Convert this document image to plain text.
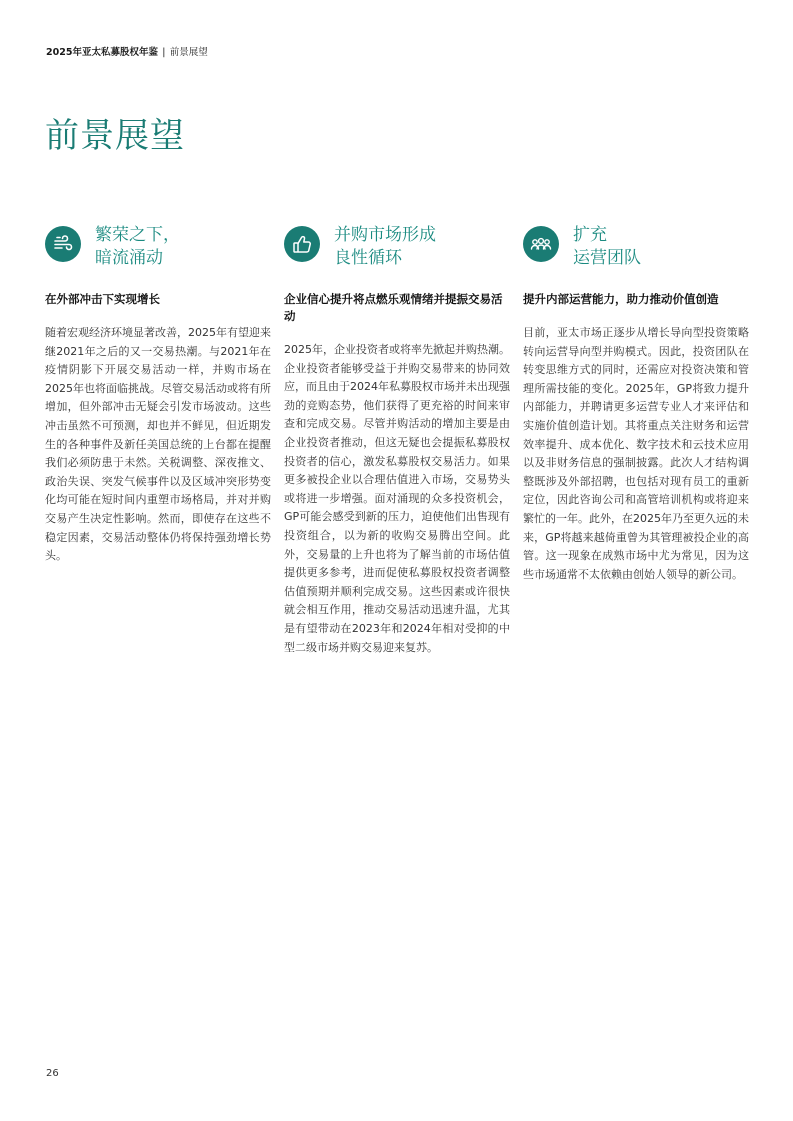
2025年亚太私募股权年鉴 | 前景展望
前景展望
繁荣之下，
暗流涌动
在外部冲击下实现增长
随着宏观经济环境显著改善，2025年有望迎来继2021年之后的又一交易热潮。与2021年在疫情阴影下开展交易活动一样，并购市场在2025年也将面临挑战。尽管交易活动或将有所增加，但外部冲击无疑会引发市场波动。这些冲击虽然不可预测，却也并不鲜见，但近期发生的各种事件及新任美国总统的上台都在提醒我们必须防患于未然。关税调整、深夜推文、政治失误、突发气候事件以及区域冲突形势变化均可能在短时间内重塑市场格局，并对并购交易产生决定性影响。然而，即使存在这些不稳定因素，交易活动整体仍将保持强劲增长势头。
并购市场形成
良性循环
企业信心提升将点燃乐观情绪并提振交易活动
2025年，企业投资者或将率先掀起并购热潮。企业投资者能够受益于并购交易带来的协同效应，而且由于2024年私募股权市场并未出现强劲的竞购态势，他们获得了更充裕的时间来审查和完成交易。尽管并购活动的增加主要是由企业投资者推动，但这无疑也会提振私募股权投资者的信心，激发私募股权交易活力。如果更多被投企业以合理估值进入市场，交易势头或将进一步增强。面对涌现的众多投资机会，GP可能会感受到新的压力，迫使他们出售现有投资组合，以为新的收购交易腾出空间。此外，交易量的上升也将为了解当前的市场估值提供更多参考，进而促使私募股权投资者调整估值预期并顺利完成交易。这些因素或许很快就会相互作用，推动交易活动迅速升温，尤其是有望带动在2023年和2024年相对受抑的中型二级市场并购交易迎来复苏。
扩充
运营团队
提升内部运营能力，助力推动价值创造
目前，亚太市场正逐步从增长导向型投资策略转向运营导向型并购模式。因此，投资团队在转变思维方式的同时，还需应对投资决策和管理所需技能的变化。2025年，GP将致力提升内部能力，并聘请更多运营专业人才来评估和实施价值创造计划。其将重点关注财务和运营效率提升、成本优化、数字技术和云技术应用以及非财务信息的强制披露。此次人才结构调整既涉及外部招聘，也包括对现有员工的重新定位，因此咨询公司和高管培训机构或将迎来繁忙的一年。此外，在2025年乃至更久远的未来，GP将越来越倚重曾为其管理被投企业的高管。这一现象在成熟市场中尤为常见，因为这些市场通常不太依赖由创始人领导的新公司。
26
